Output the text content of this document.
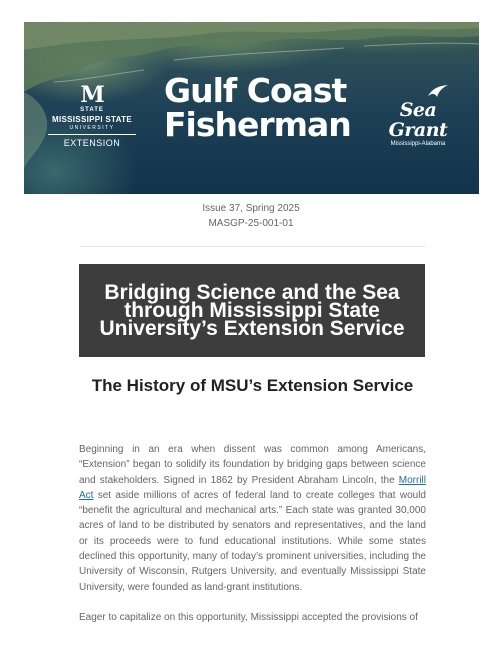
M
STATE
MISSISSIPPI STATE
UNIVERSITY
EXTENSION
Gulf Coast
Fisherman	Sea Grant
Mississippi-Alabama
Issue 37, Spring 2025
MASGP-25-001-01
Bridging Science and the Sea through Mississippi State University’s Extension Service
The History of MSU’s Extension Service

Beginning in an era when dissent was common among Americans, “Extension” began to solidify its foundation by bridging gaps between science and stakeholders. Signed in 1862 by President Abraham Lincoln, the Morrill Act set aside millions of acres of federal land to create colleges that would “benefit the agricultural and mechanical arts.” Each state was granted 30,000 acres of land to be distributed by senators and representatives, and the land or its proceeds were to fund educational institutions. While some states declined this opportunity, many of today’s prominent universities, including the University of Wisconsin, Rutgers University, and eventually Mississippi State University, were founded as land-grant institutions.

Eager to capitalize on this opportunity, Mississippi accepted the provisions of
